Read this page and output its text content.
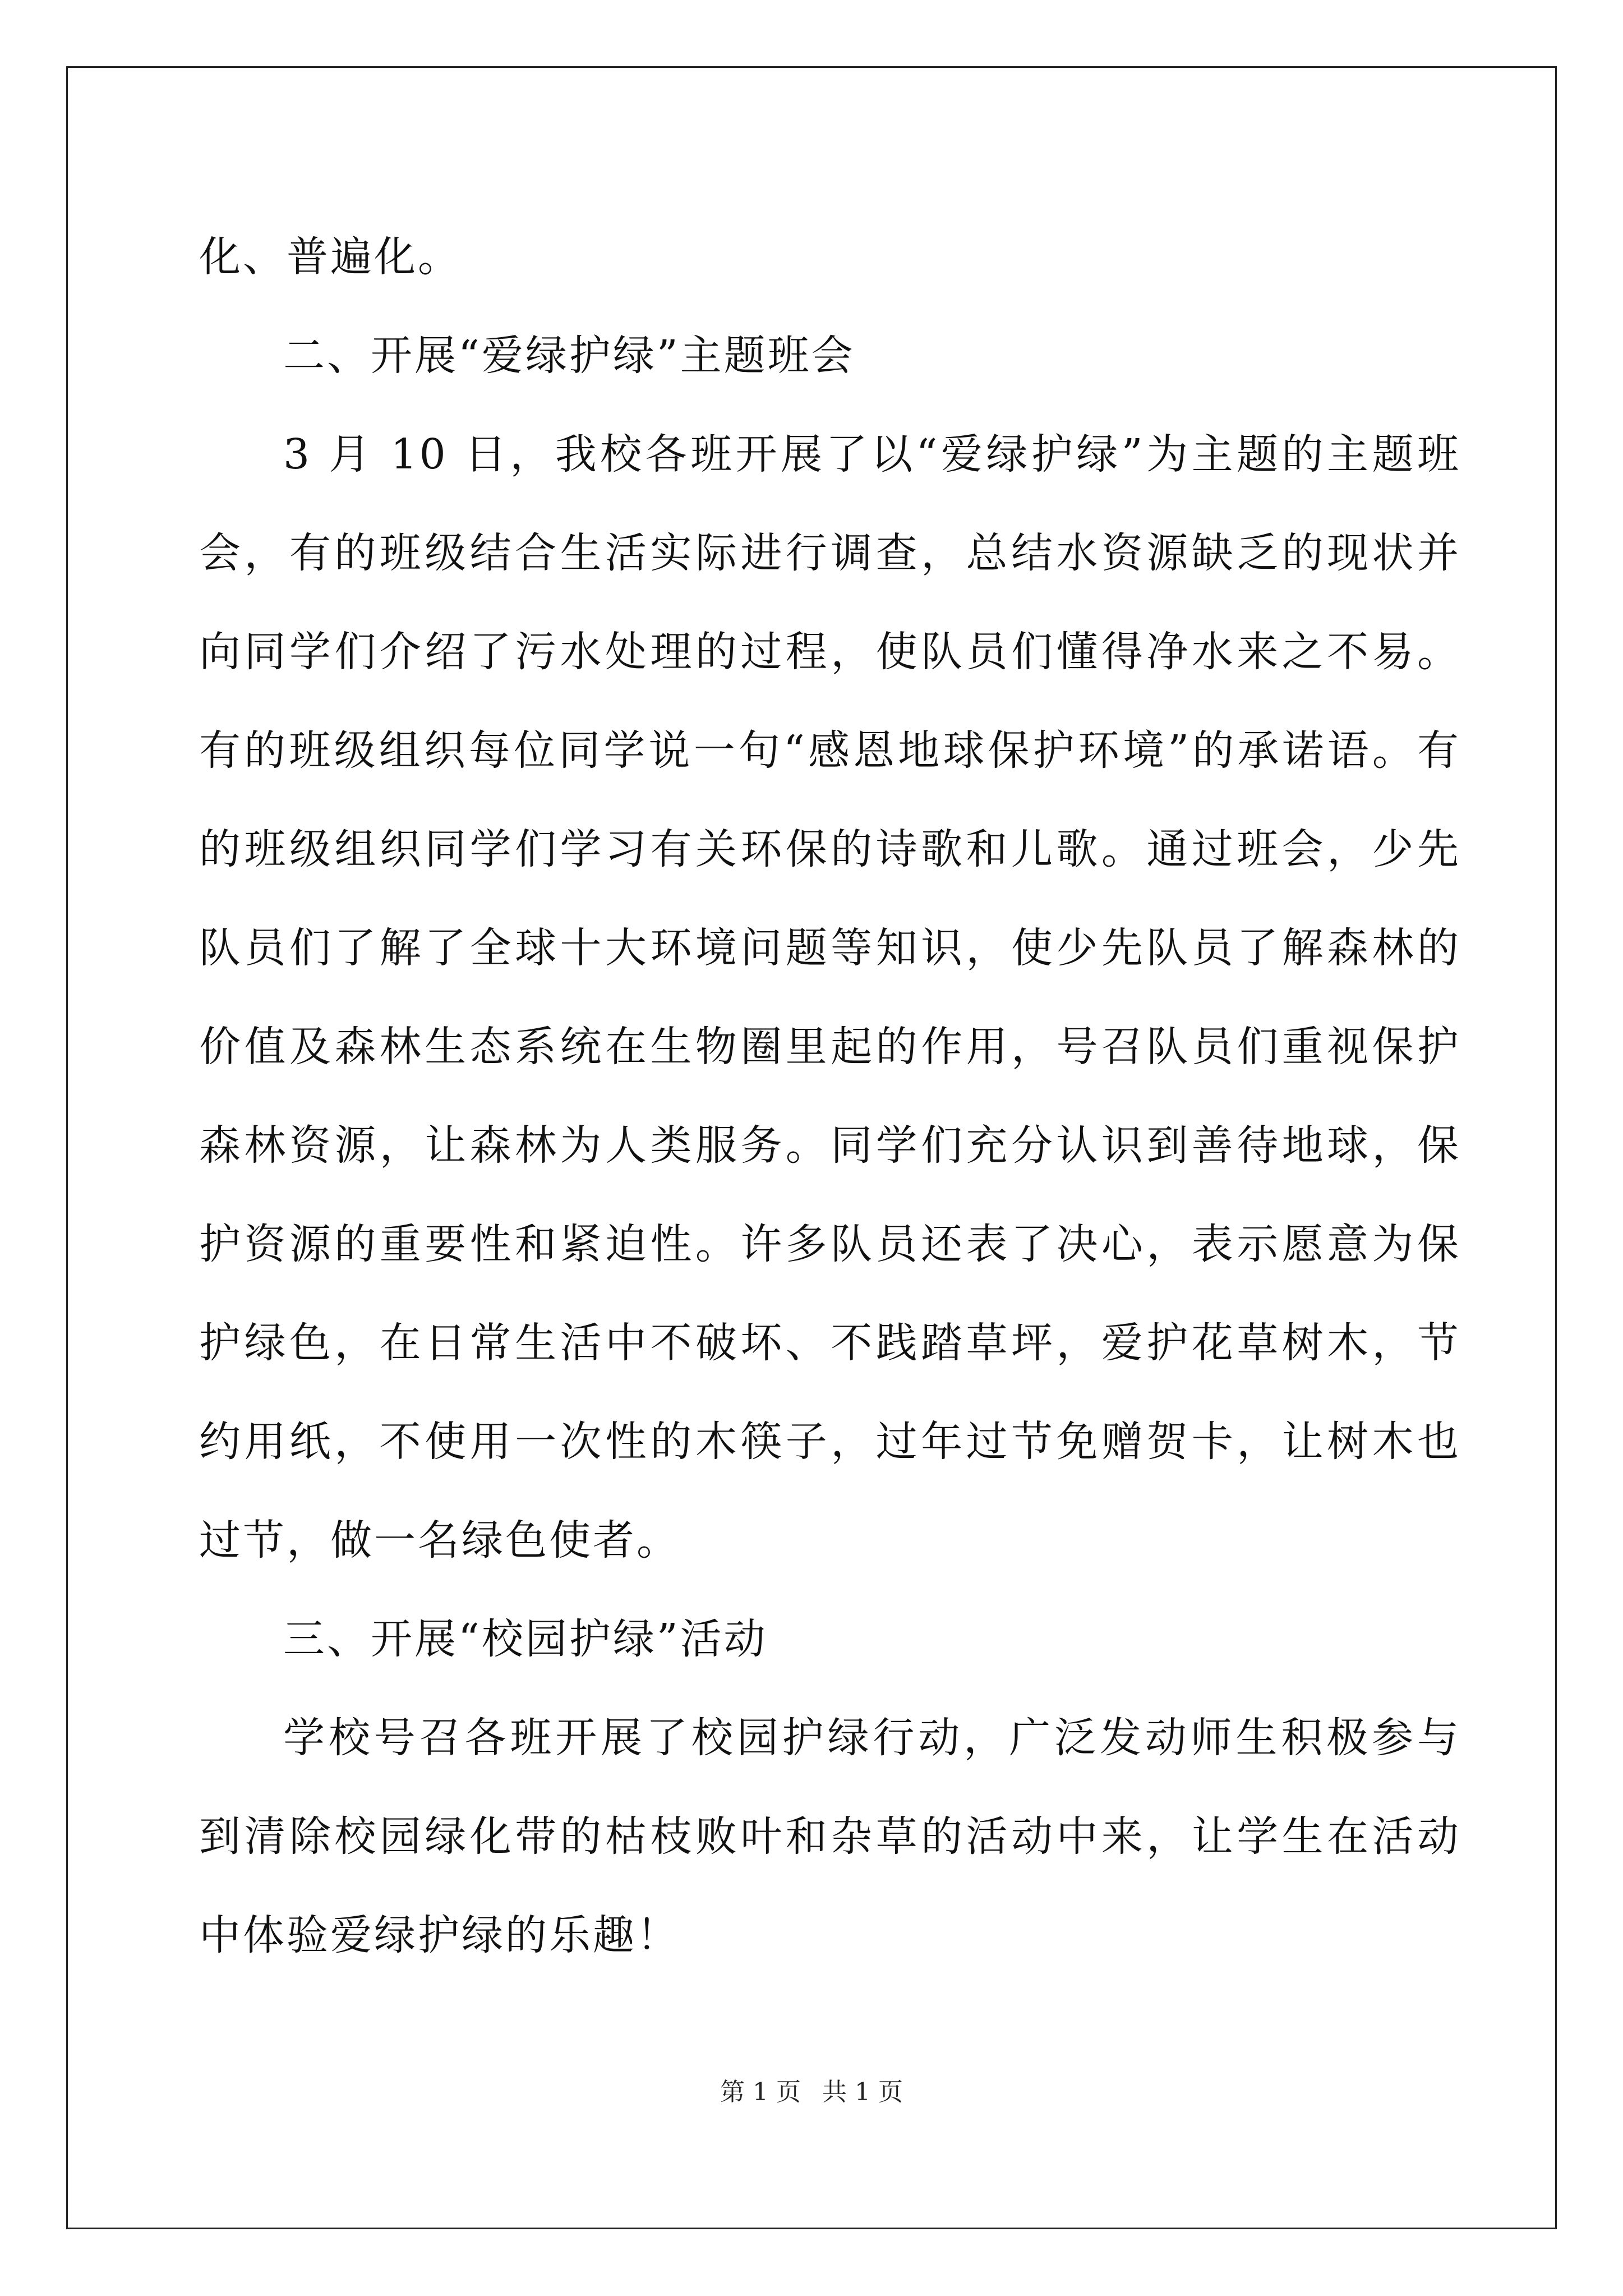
化、普遍化。

二、开展“爱绿护绿”主题班会

3 月 10 日，我校各班开展了以“爱绿护绿”为主题的主题班会，有的班级结合生活实际进行调查，总结水资源缺乏的现状并向同学们介绍了污水处理的过程，使队员们懂得净水来之不易。有的班级组织每位同学说一句“感恩地球保护环境”的承诺语。有的班级组织同学们学习有关环保的诗歌和儿歌。通过班会，少先队员们了解了全球十大环境问题等知识，使少先队员了解森林的价值及森林生态系统在生物圈里起的作用，号召队员们重视保护森林资源，让森林为人类服务。同学们充分认识到善待地球，保护资源的重要性和紧迫性。许多队员还表了决心，表示愿意为保护绿色，在日常生活中不破坏、不践踏草坪，爱护花草树木，节约用纸，不使用一次性的木筷子，过年过节免赠贺卡，让树木也过节，做一名绿色使者。

三、开展“校园护绿”活动

学校号召各班开展了校园护绿行动，广泛发动师生积极参与到清除校园绿化带的枯枝败叶和杂草的活动中来，让学生在活动中体验爱绿护绿的乐趣！

第 1 页 共 1 页
